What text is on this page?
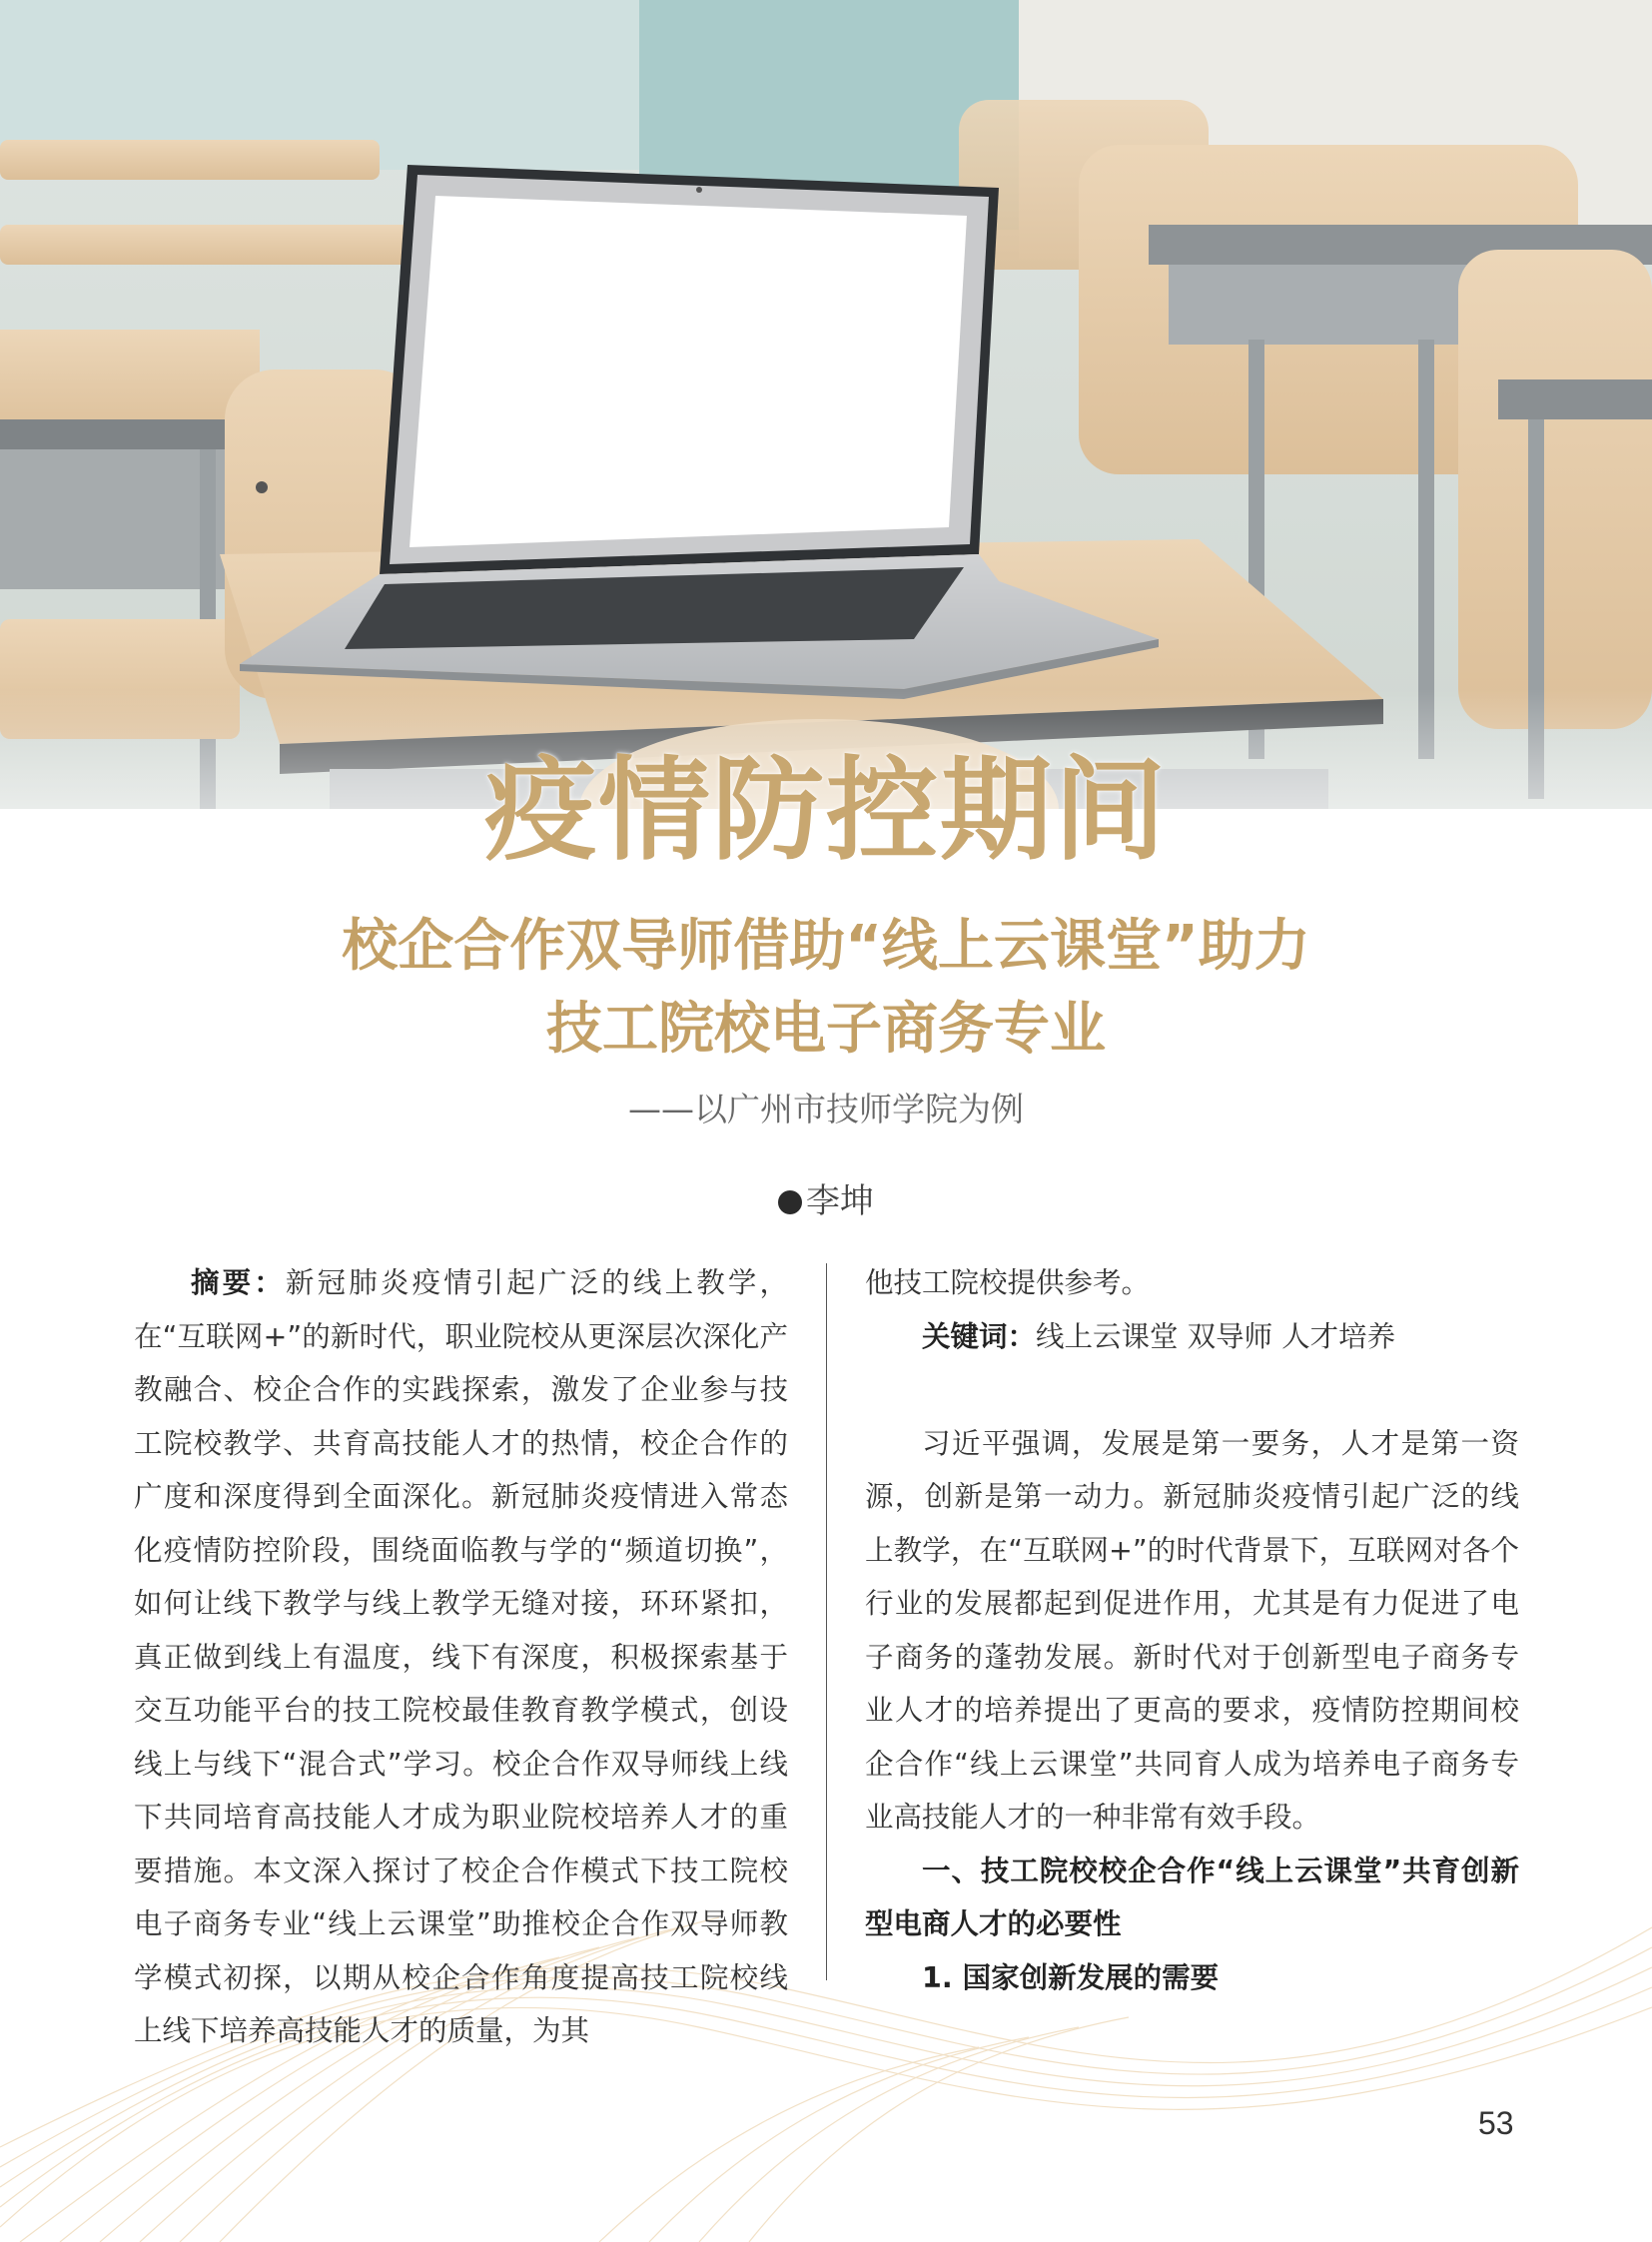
疫情防控期间
校企合作双导师借助“线上云课堂”助力
技工院校电子商务专业
——以广州市技师学院为例
李坤

摘要：新冠肺炎疫情引起广泛的线上教学，在“互联网+”的新时代，职业院校从更深层次深化产教融合、校企合作的实践探索，激发了企业参与技工院校教学、共育高技能人才的热情，校企合作的广度和深度得到全面深化。新冠肺炎疫情进入常态化疫情防控阶段，围绕面临教与学的“频道切换”，如何让线下教学与线上教学无缝对接，环环紧扣，真正做到线上有温度，线下有深度，积极探索基于交互功能平台的技工院校最佳教育教学模式，创设线上与线下“混合式”学习。校企合作双导师线上线下共同培育高技能人才成为职业院校培养人才的重要措施。本文深入探讨了校企合作模式下技工院校电子商务专业“线上云课堂”助推校企合作双导师教学模式初探，以期从校企合作角度提高技工院校线上线下培养高技能人才的质量，为其

他技工院校提供参考。

关键词：线上云课堂 双导师 人才培养

习近平强调，发展是第一要务，人才是第一资源，创新是第一动力。新冠肺炎疫情引起广泛的线上教学，在“互联网+”的时代背景下，互联网对各个行业的发展都起到促进作用，尤其是有力促进了电子商务的蓬勃发展。新时代对于创新型电子商务专业人才的培养提出了更高的要求，疫情防控期间校企合作“线上云课堂”共同育人成为培养电子商务专业高技能人才的一种非常有效手段。

一、技工院校校企合作“线上云课堂”共育创新型电商人才的必要性

1. 国家创新发展的需要

53
